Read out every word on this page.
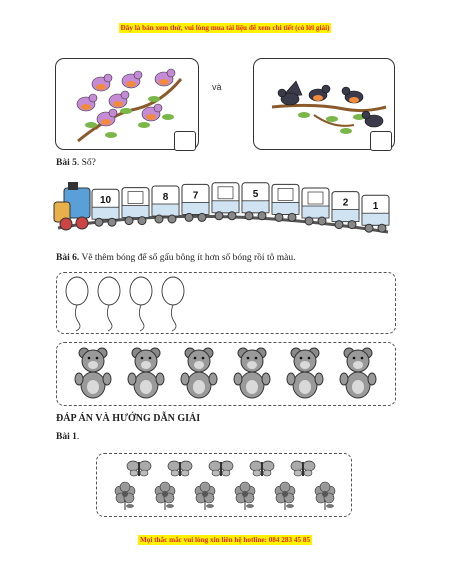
Đây là bản xem thử, vui lòng mua tài liệu để xem chi tiết (có lời giải)
và
Bài 5. Số?
10	8 7	5
2 1
Bài 6. Vẽ thêm bóng để số gấu bông ít hơn số bóng rồi tô màu.
ĐÁP ÁN VÀ HƯỚNG DẪN GIẢI
Bài 1.
Mọi thắc mắc vui lòng xin liên hệ hotline: 084 283 45 85
